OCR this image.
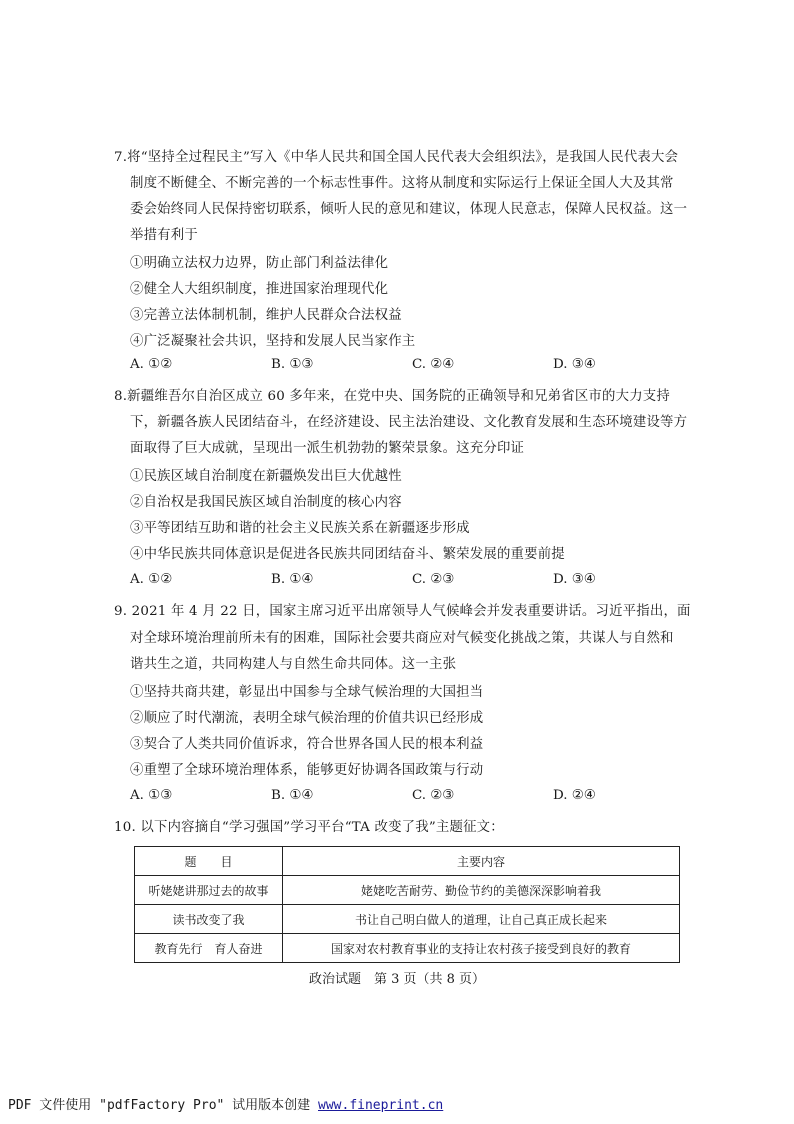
7.将“坚持全过程民主”写入《中华人民共和国全国人民代表大会组织法》，是我国人民代表大会
制度不断健全、不断完善的一个标志性事件。这将从制度和实际运行上保证全国人大及其常
委会始终同人民保持密切联系，倾听人民的意见和建议，体现人民意志，保障人民权益。这一
举措有利于
①明确立法权力边界，防止部门利益法律化
②健全人大组织制度，推进国家治理现代化
③完善立法体制机制，维护人民群众合法权益
④广泛凝聚社会共识，坚持和发展人民当家作主
A. ①②	B. ①③	C. ②④	D. ③④
8.新疆维吾尔自治区成立 60 多年来，在党中央、国务院的正确领导和兄弟省区市的大力支持
下，新疆各族人民团结奋斗，在经济建设、民主法治建设、文化教育发展和生态环境建设等方
面取得了巨大成就，呈现出一派生机勃勃的繁荣景象。这充分印证
①民族区域自治制度在新疆焕发出巨大优越性
②自治权是我国民族区域自治制度的核心内容
③平等团结互助和谐的社会主义民族关系在新疆逐步形成
④中华民族共同体意识是促进各民族共同团结奋斗、繁荣发展的重要前提
A. ①②	B. ①④	C. ②③	D. ③④
9. 2021 年 4 月 22 日，国家主席习近平出席领导人气候峰会并发表重要讲话。习近平指出，面
对全球环境治理前所未有的困难，国际社会要共商应对气候变化挑战之策，共谋人与自然和
谐共生之道，共同构建人与自然生命共同体。这一主张
①坚持共商共建，彰显出中国参与全球气候治理的大国担当
②顺应了时代潮流，表明全球气候治理的价值共识已经形成
③契合了人类共同价值诉求，符合世界各国人民的根本利益
④重塑了全球环境治理体系，能够更好协调各国政策与行动
A. ①③	B. ①④	C. ②③	D. ②④
10. 以下内容摘自“学习强国”学习平台“TA 改变了我”主题征文：
题　　目	主要内容
听姥姥讲那过去的故事	姥姥吃苦耐劳、勤俭节约的美德深深影响着我
读书改变了我	书让自己明白做人的道理，让自己真正成长起来
教育先行　育人奋进	国家对农村教育事业的支持让农村孩子接受到良好的教育
政治试题　第 3 页（共 8 页）
PDF 文件使用 "pdfFactory Pro" 试用版本创建 www.fineprint.cn
